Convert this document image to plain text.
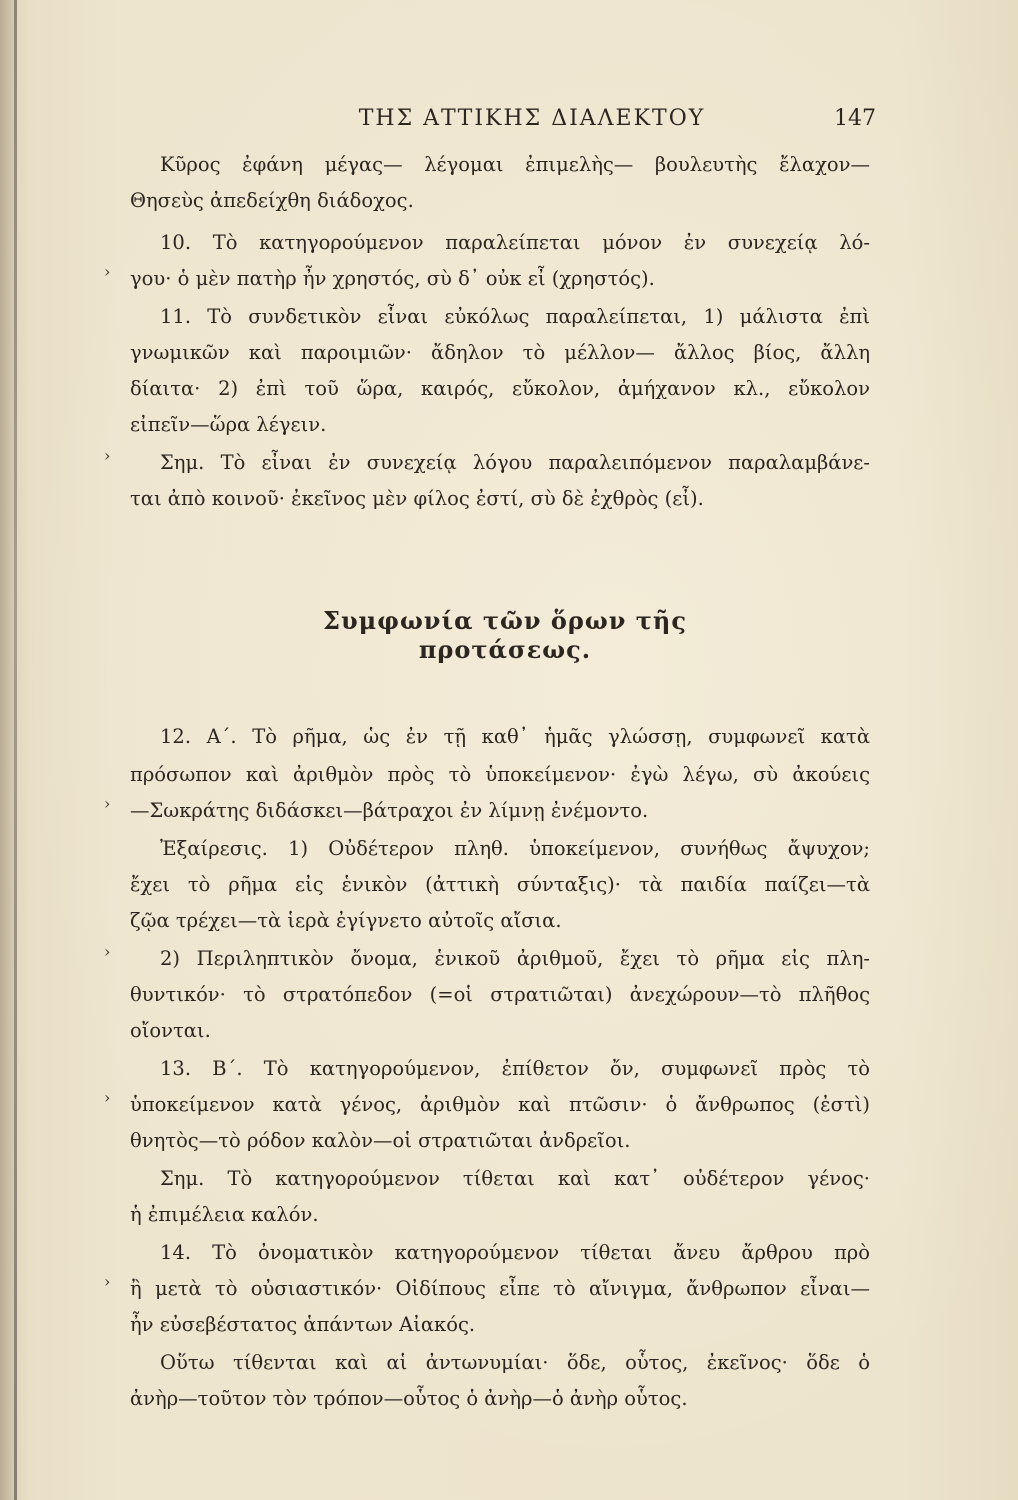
ΤΗΣ ΑΤΤΙΚΗΣ ΔΙΑΛΕΚΤΟΥ	147
Κῦρος ἐφάνη μέγας— λέγομαι ἐπιμελὴς— βουλευτὴς ἔλαχον—
Θησεὺς ἀπεδείχθη διάδοχος.
10. Τὸ κατηγορούμενον παραλείπεται μόνον ἐν συνεχείᾳ λό-
γου· ὁ μὲν πατὴρ ἦν χρηστός, σὺ δ᾽ οὐκ εἶ (χρηστός).
11. Τὸ συνδετικὸν εἶναι εὐκόλως παραλείπεται, 1) μάλιστα ἐπὶ
γνωμικῶν καὶ παροιμιῶν· ἄδηλον τὸ μέλλον— ἄλλος βίος, ἄλλη
δίαιτα· 2) ἐπὶ τοῦ ὥρα, καιρός, εὔκολον, ἀμήχανον κλ., εὔκολον
εἰπεῖν—ὥρα λέγειν.
Σημ. Τὸ εἶναι ἐν συνεχείᾳ λόγου παραλειπόμενον παραλαμβάνε-
ται ἀπὸ κοινοῦ· ἐκεῖνος μὲν φίλος ἐστί, σὺ δὲ ἐχθρὸς (εἶ).
Συμφωνία τῶν ὅρων τῆς προτάσεως.
12. Α΄. Τὸ ρῆμα, ὡς ἐν τῇ καθ᾽ ἡμᾶς γλώσσῃ, συμφωνεῖ κατὰ
πρόσωπον καὶ ἀριθμὸν πρὸς τὸ ὑποκείμενον· ἐγὼ λέγω, σὺ ἀκούεις
—Σωκράτης διδάσκει—βάτραχοι ἐν λίμνῃ ἐνέμοντο.
Ἐξαίρεσις. 1) Οὐδέτερον πληθ. ὑποκείμενον, συνήθως ἄψυχον;
ἔχει τὸ ρῆμα εἰς ἑνικὸν (ἀττικὴ σύνταξις)· τὰ παιδία παίζει—τὰ
ζῷα τρέχει—τὰ ἱερὰ ἐγίγνετο αὐτοῖς αἴσια.
2) Περιληπτικὸν ὄνομα, ἑνικοῦ ἀριθμοῦ, ἔχει τὸ ρῆμα εἰς πλη-
θυντικόν· τὸ στρατόπεδον (=οἱ στρατιῶται) ἀνεχώρουν—τὸ πλῆθος
οἴονται.
13. Β΄. Τὸ κατηγορούμενον, ἐπίθετον ὄν, συμφωνεῖ πρὸς τὸ
ὑποκείμενον κατὰ γένος, ἀριθμὸν καὶ πτῶσιν· ὁ ἄνθρωπος (ἐστὶ)
θνητὸς—τὸ ρόδον καλὸν—οἱ στρατιῶται ἀνδρεῖοι.
Σημ. Τὸ κατηγορούμενον τίθεται καὶ κατ᾽ οὐδέτερον γένος·
ἡ ἐπιμέλεια καλόν.
14. Τὸ ὀνοματικὸν κατηγορούμενον τίθεται ἄνευ ἄρθρου πρὸ
ἢ μετὰ τὸ οὐσιαστικόν· Οἰδίπους εἶπε τὸ αἴνιγμα, ἄνθρωπον εἶναι—
ἦν εὐσεβέστατος ἁπάντων Αἰακός.
Οὕτω τίθενται καὶ αἱ ἀντωνυμίαι· ὅδε, οὗτος, ἐκεῖνος· ὅδε ὁ
ἀνὴρ—τοῦτον τὸν τρόπον—οὗτος ὁ ἀνὴρ—ὁ ἀνὴρ οὗτος.
›
›
›
›
›
›
